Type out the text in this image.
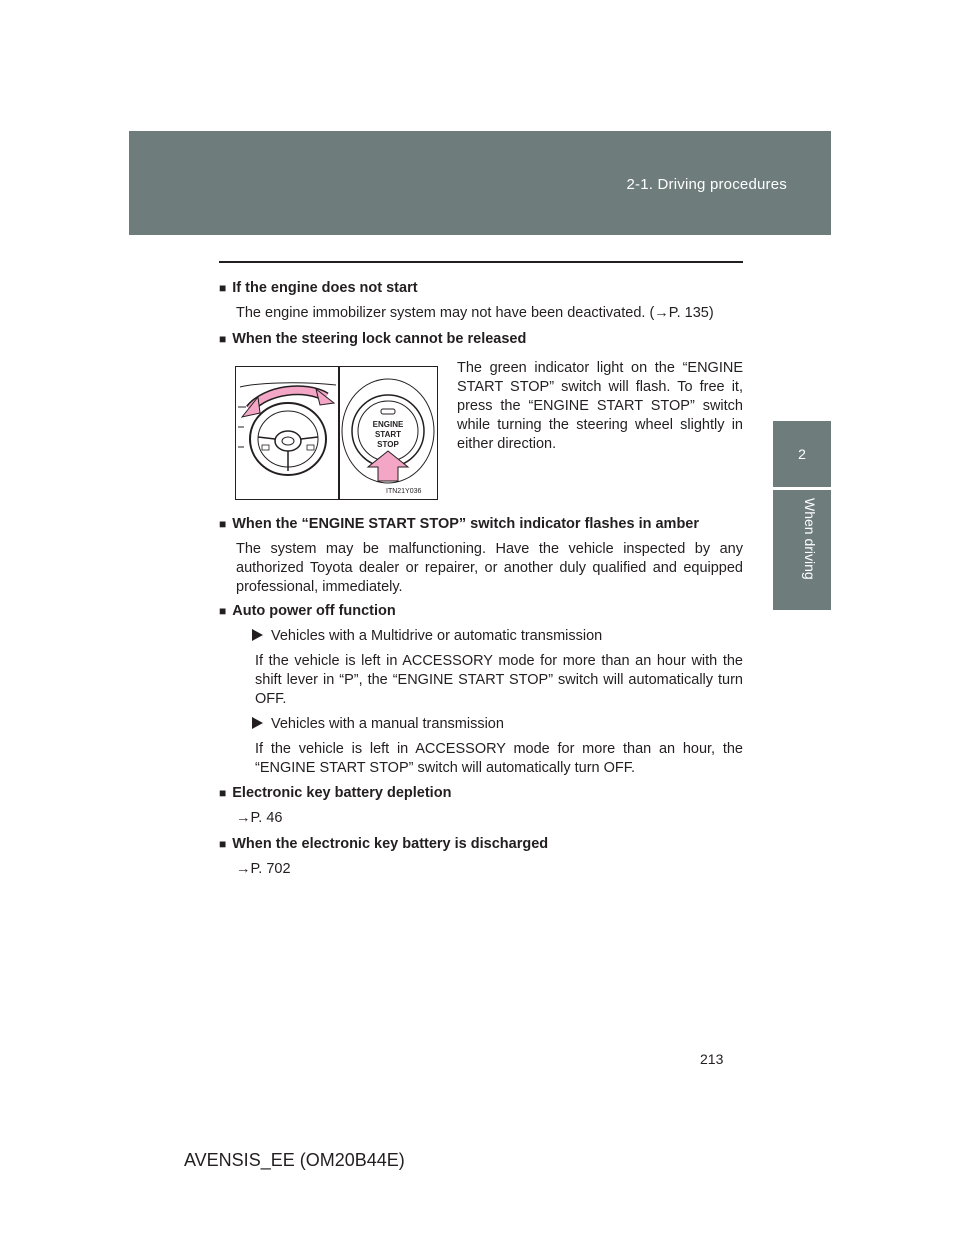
2-1. Driving procedures
2
When driving
■ If the engine does not start
The engine immobilizer system may not have been deactivated. (→P. 135)
■ When the steering lock cannot be released
■ When the “ENGINE START STOP” switch indicator flashes in amber
The system may be malfunctioning. Have the vehicle inspected by any authorized Toyota dealer or repairer, or another duly qualified and equipped professional, immediately.
■ Auto power off function
Vehicles with a Multidrive or automatic transmission
If the vehicle is left in ACCESSORY mode for more than an hour with the shift lever in “P”, the “ENGINE START STOP” switch will automatically turn OFF.
Vehicles with a manual transmission
If the vehicle is left in ACCESSORY mode for more than an hour, the “ENGINE START STOP” switch will automatically turn OFF.
■ Electronic key battery depletion
→P. 46
■ When the electronic key battery is discharged
→P. 702
The green indicator light on the “ENGINE START STOP” switch will flash. To free it, press the “ENGINE START STOP” switch while turning the steering wheel slightly in either direction.
ENGINE
START
STOP
ITN21Y036
213
AVENSIS_EE (OM20B44E)
